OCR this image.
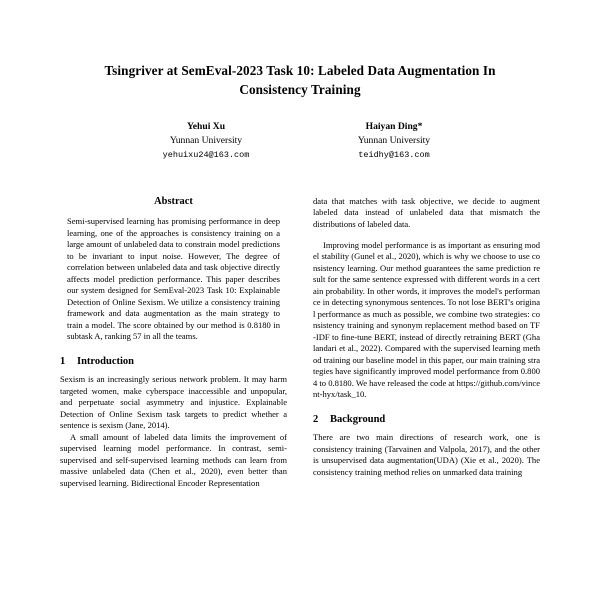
Tsingriver at SemEval-2023 Task 10: Labeled Data Augmentation In Consistency Training
Yehui Xu
Yunnan University
yehuixu24@163.com
Haiyan Ding*
Yunnan University
teidhy@163.com
Abstract

Semi-supervised learning has promising performance in deep learning, one of the approaches is consistency training on a large amount of unlabeled data to constrain model predictions to be invariant to input noise. However, The degree of correlation between unlabeled data and task objective directly affects model prediction performance. This paper describes our system designed for SemEval-2023 Task 10: Explainable Detection of Online Sexism. We utilize a consistency training framework and data augmentation as the main strategy to train a model. The score obtained by our method is 0.8180 in subtask A, ranking 57 in all the teams.

1	Introduction

Sexism is an increasingly serious network problem. It may harm targeted women, make cyberspace inaccessible and unpopular, and perpetuate social asymmetry and injustice. Explainable Detection of Online Sexism task targets to predict whether a sentence is sexism (Jane, 2014).

A small amount of labeled data limits the improvement of supervised learning model performance. In contrast, semi-supervised and self-supervised learning methods can learn from massive unlabeled data (Chen et al., 2020), even better than supervised learning. Bidirectional Encoder Representation

data that matches with task objective, we decide to augment labeled data instead of unlabeled data that mismatch the distributions of labeled data.

Improving model performance is as important as ensuring model stability (Gunel et al., 2020), which is why we choose to use consistency learning. Our method guarantees the same prediction result for the same sentence expressed with different words in a certain probability. In other words, it improves the model's performance in detecting synonymous sentences. To not lose BERT's original performance as much as possible, we combine two strategies: consistency training and synonym replacement method based on TF-IDF to fine-tune BERT, instead of directly retraining BERT (Ghalandari et al., 2022). Compared with the supervised learning method training our baseline model in this paper, our main training strategies have significantly improved model performance from 0.8004 to 0.8180. We have released the code at https://github.com/vincent-hyx/task_10.

2	Background

There are two main directions of research work, one is consistency training (Tarvainen and Valpola, 2017), and the other is unsupervised data augmentation(UDA) (Xie et al., 2020). The consistency training method relies on unmarked data training
